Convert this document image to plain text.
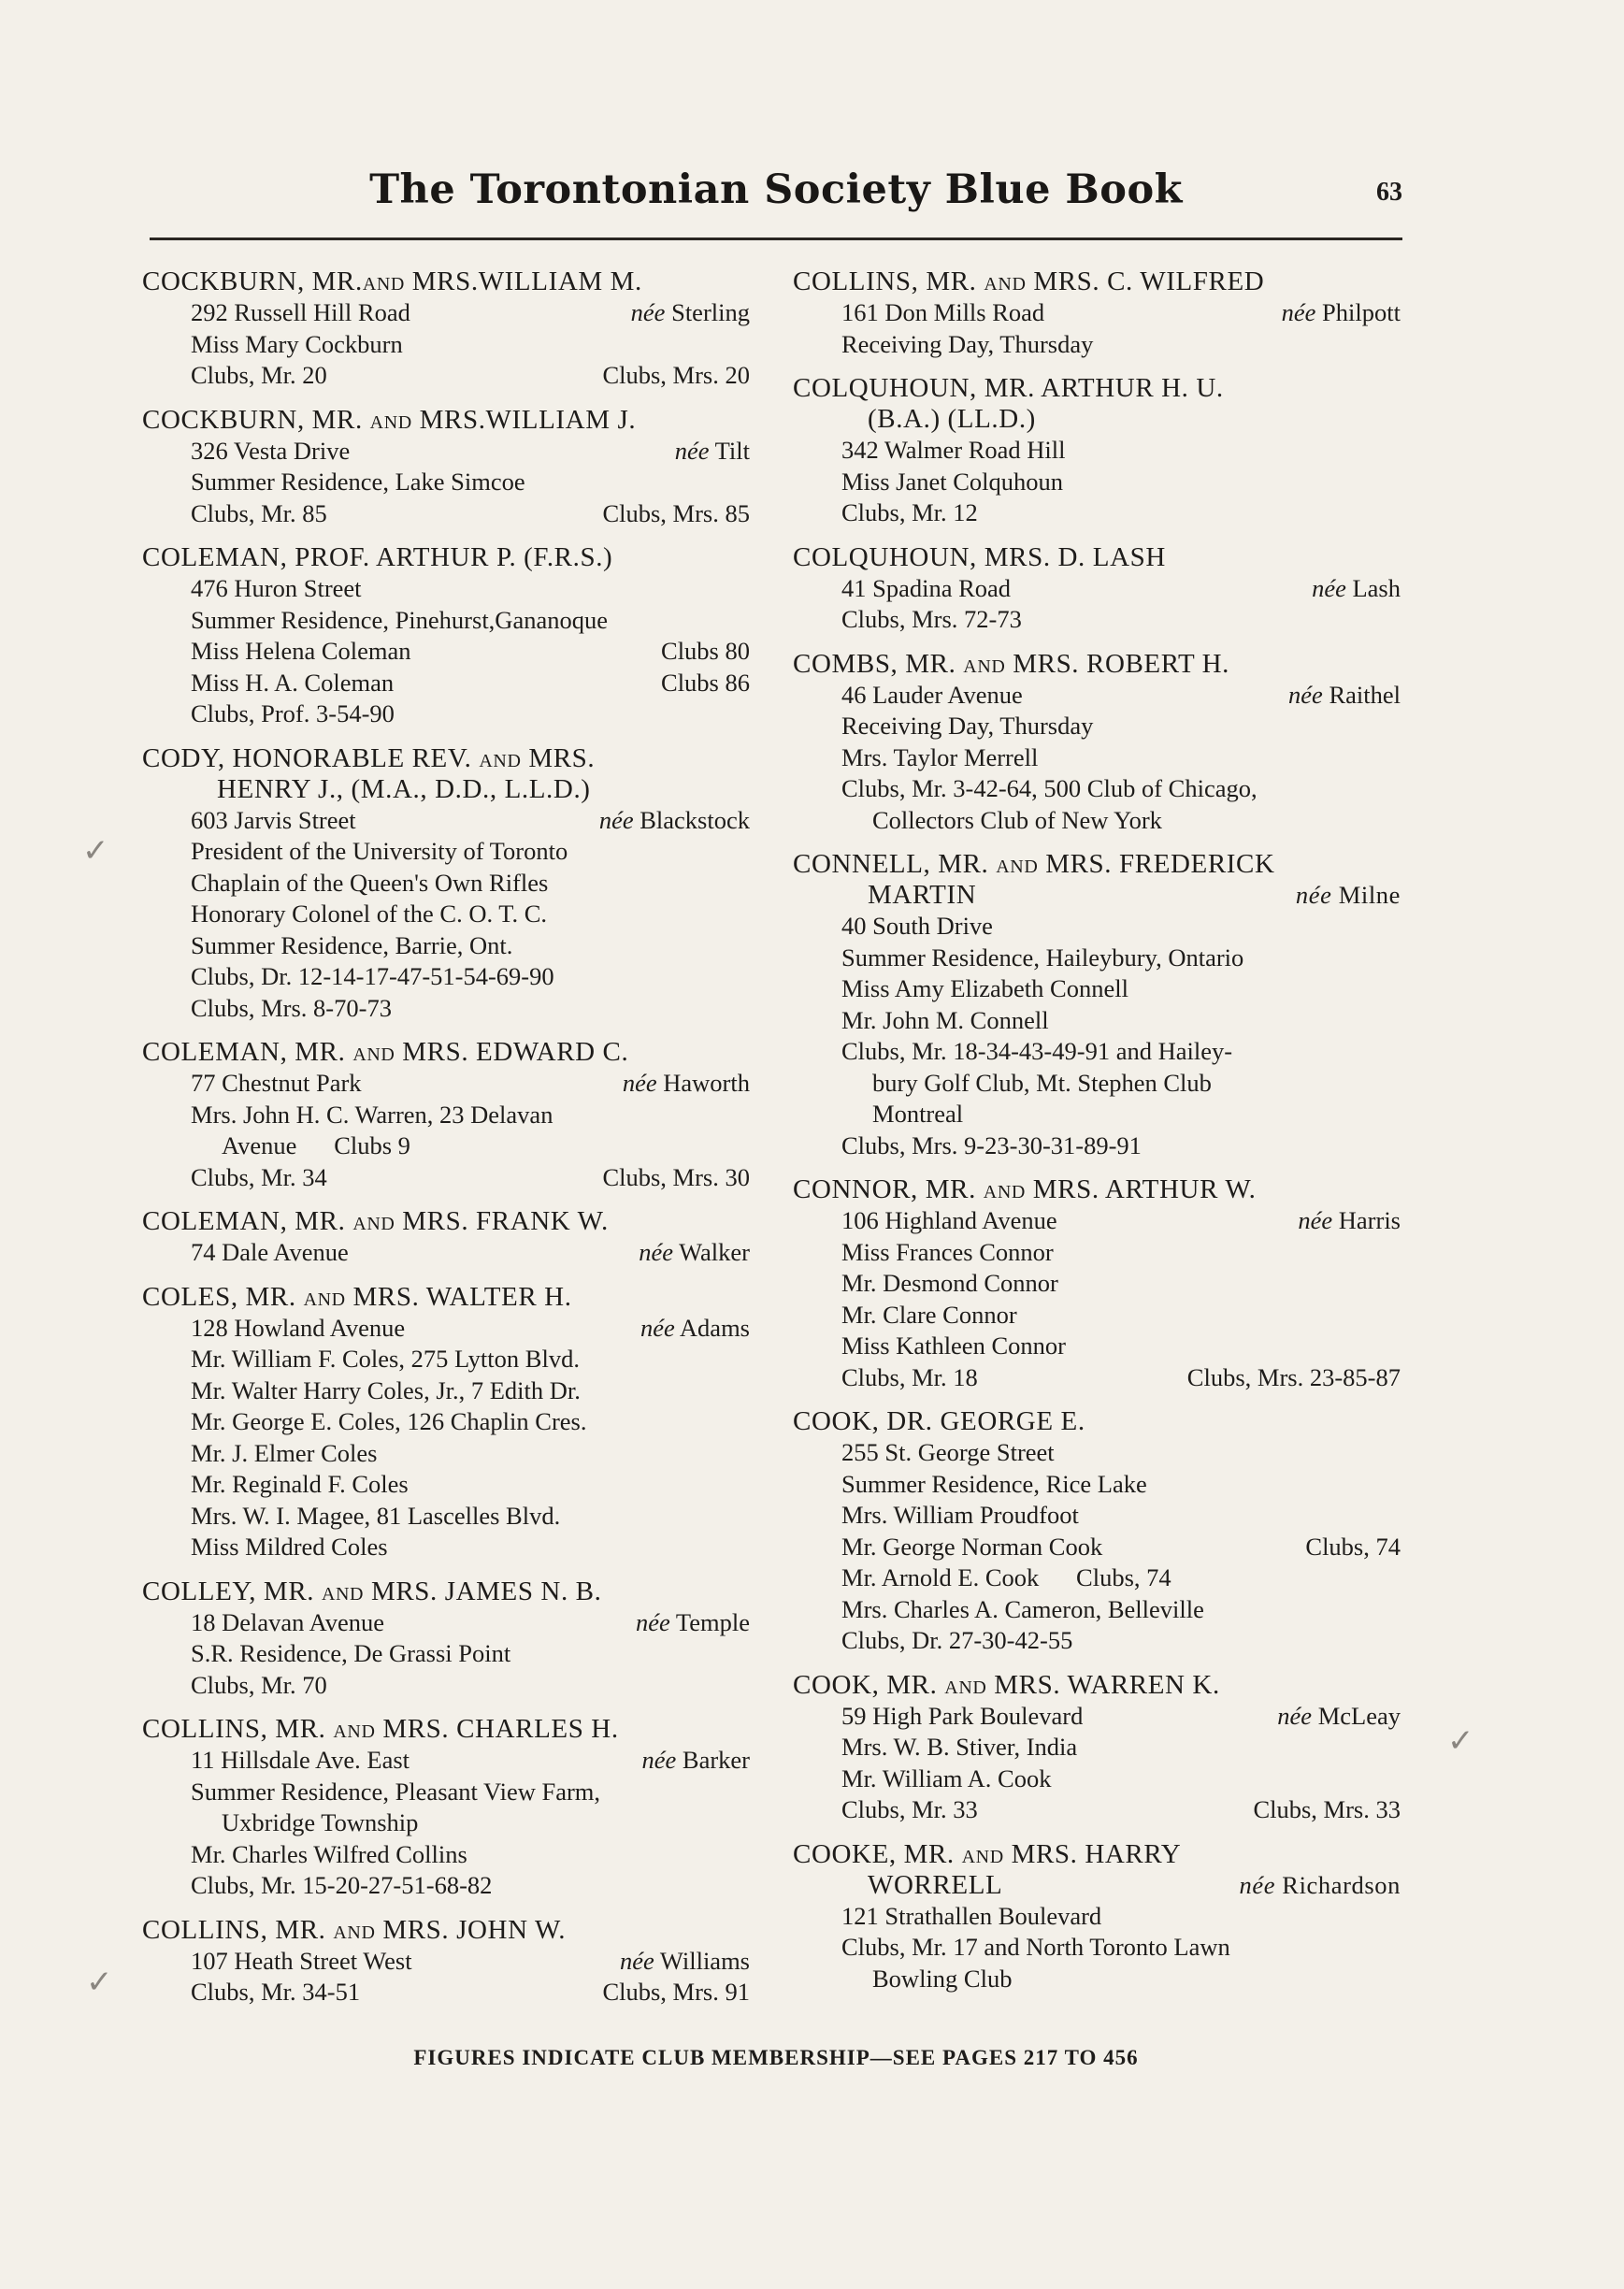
The Torontonian Society Blue Book	63
COCKBURN, MR.and MRS.WILLIAM M.
292 Russell Hill Road	née Sterling
Miss Mary Cockburn
Clubs, Mr. 20	Clubs, Mrs. 20
COCKBURN, MR. and MRS.WILLIAM J.
326 Vesta Drive	née Tilt
Summer Residence, Lake Simcoe
Clubs, Mr. 85	Clubs, Mrs. 85
COLEMAN, PROF. ARTHUR P. (F.R.S.)
476 Huron Street
Summer Residence, Pinehurst,Gananoque
Miss Helena Coleman	Clubs 80
Miss H. A. Coleman	Clubs 86
Clubs, Prof. 3-54-90
CODY, HONORABLE REV. and MRS.
HENRY J., (M.A., D.D., L.L.D.)
603 Jarvis Street	née Blackstock
President of the University of Toronto
Chaplain of the Queen's Own Rifles
Honorary Colonel of the C. O. T. C.
Summer Residence, Barrie, Ont.
Clubs, Dr. 12-14-17-47-51-54-69-90
Clubs, Mrs. 8-70-73
COLEMAN, MR. and MRS. EDWARD C.
77 Chestnut Park	née Haworth
Mrs. John H. C. Warren, 23 Delavan
Avenue      Clubs 9
Clubs, Mr. 34	Clubs, Mrs. 30
COLEMAN, MR. and MRS. FRANK W.
74 Dale Avenue	née Walker
COLES, MR. and MRS. WALTER H.
128 Howland Avenue	née Adams
Mr. William F. Coles, 275 Lytton Blvd.
Mr. Walter Harry Coles, Jr., 7 Edith Dr.
Mr. George E. Coles, 126 Chaplin Cres.
Mr. J. Elmer Coles
Mr. Reginald F. Coles
Mrs. W. I. Magee, 81 Lascelles Blvd.
Miss Mildred Coles
COLLEY, MR. and MRS. JAMES N. B.
18 Delavan Avenue	née Temple
S.R. Residence, De Grassi Point
Clubs, Mr. 70
COLLINS, MR. and MRS. CHARLES H.
11 Hillsdale Ave. East	née Barker
Summer Residence, Pleasant View Farm,
Uxbridge Township
Mr. Charles Wilfred Collins
Clubs, Mr. 15-20-27-51-68-82
COLLINS, MR. and MRS. JOHN W.
107 Heath Street West	née Williams
Clubs, Mr. 34-51	Clubs, Mrs. 91
COLLINS, MR. and MRS. C. WILFRED
161 Don Mills Road	née Philpott
Receiving Day, Thursday
COLQUHOUN, MR. ARTHUR H. U.
(B.A.) (LL.D.)
342 Walmer Road Hill
Miss Janet Colquhoun
Clubs, Mr. 12
COLQUHOUN, MRS. D. LASH
41 Spadina Road	née Lash
Clubs, Mrs. 72-73
COMBS, MR. and MRS. ROBERT H.
46 Lauder Avenue	née Raithel
Receiving Day, Thursday
Mrs. Taylor Merrell
Clubs, Mr. 3-42-64, 500 Club of Chicago,
Collectors Club of New York
CONNELL, MR. and MRS. FREDERICK
MARTIN	née Milne
40 South Drive
Summer Residence, Haileybury, Ontario
Miss Amy Elizabeth Connell
Mr. John M. Connell
Clubs, Mr. 18-34-43-49-91 and Hailey-
bury Golf Club, Mt. Stephen Club
Montreal
Clubs, Mrs. 9-23-30-31-89-91
CONNOR, MR. and MRS. ARTHUR W.
106 Highland Avenue	née Harris
Miss Frances Connor
Mr. Desmond Connor
Mr. Clare Connor
Miss Kathleen Connor
Clubs, Mr. 18	Clubs, Mrs. 23-85-87
COOK, DR. GEORGE E.
255 St. George Street
Summer Residence, Rice Lake
Mrs. William Proudfoot
Mr. George Norman Cook	Clubs, 74
Mr. Arnold E. Cook      Clubs, 74
Mrs. Charles A. Cameron, Belleville
Clubs, Dr. 27-30-42-55
COOK, MR. and MRS. WARREN K.
59 High Park Boulevard	née McLeay
Mrs. W. B. Stiver, India
Mr. William A. Cook
Clubs, Mr. 33	Clubs, Mrs. 33
COOKE, MR. and MRS. HARRY
WORRELL	née Richardson
121 Strathallen Boulevard
Clubs, Mr. 17 and North Toronto Lawn
Bowling Club
FIGURES INDICATE CLUB MEMBERSHIP—SEE PAGES 217 TO 456
✓
✓
✓
